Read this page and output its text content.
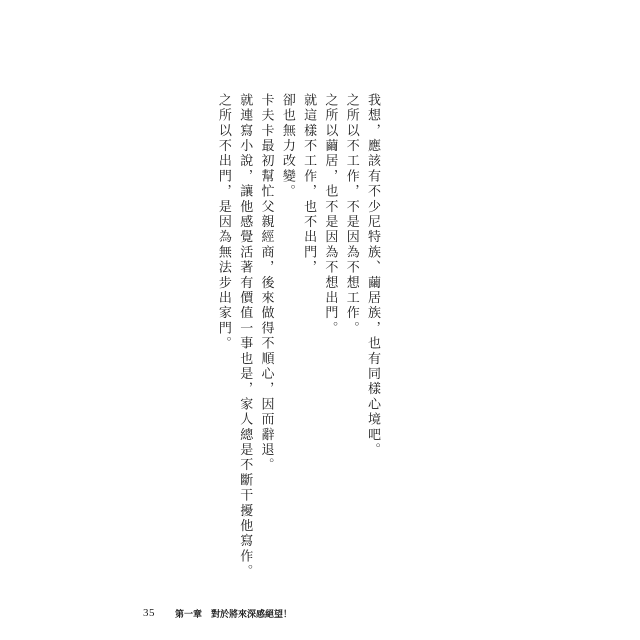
我想，應該有不少尼特族、繭居族，也有同樣心境吧。

之所以不工作，不是因為不想工作。

之所以繭居，也不是因為不想出門。

就這樣不工作，也不出門，

卻也無力改變。

卡夫卡最初幫忙父親經商，後來做得不順心，因而辭退。

就連寫小說，讓他感覺活著有價值一事也是，家人總是不斷干擾他寫作。

之所以不出門，是因為無法步出家門。

35 第一章 對於將來深感絕望！
